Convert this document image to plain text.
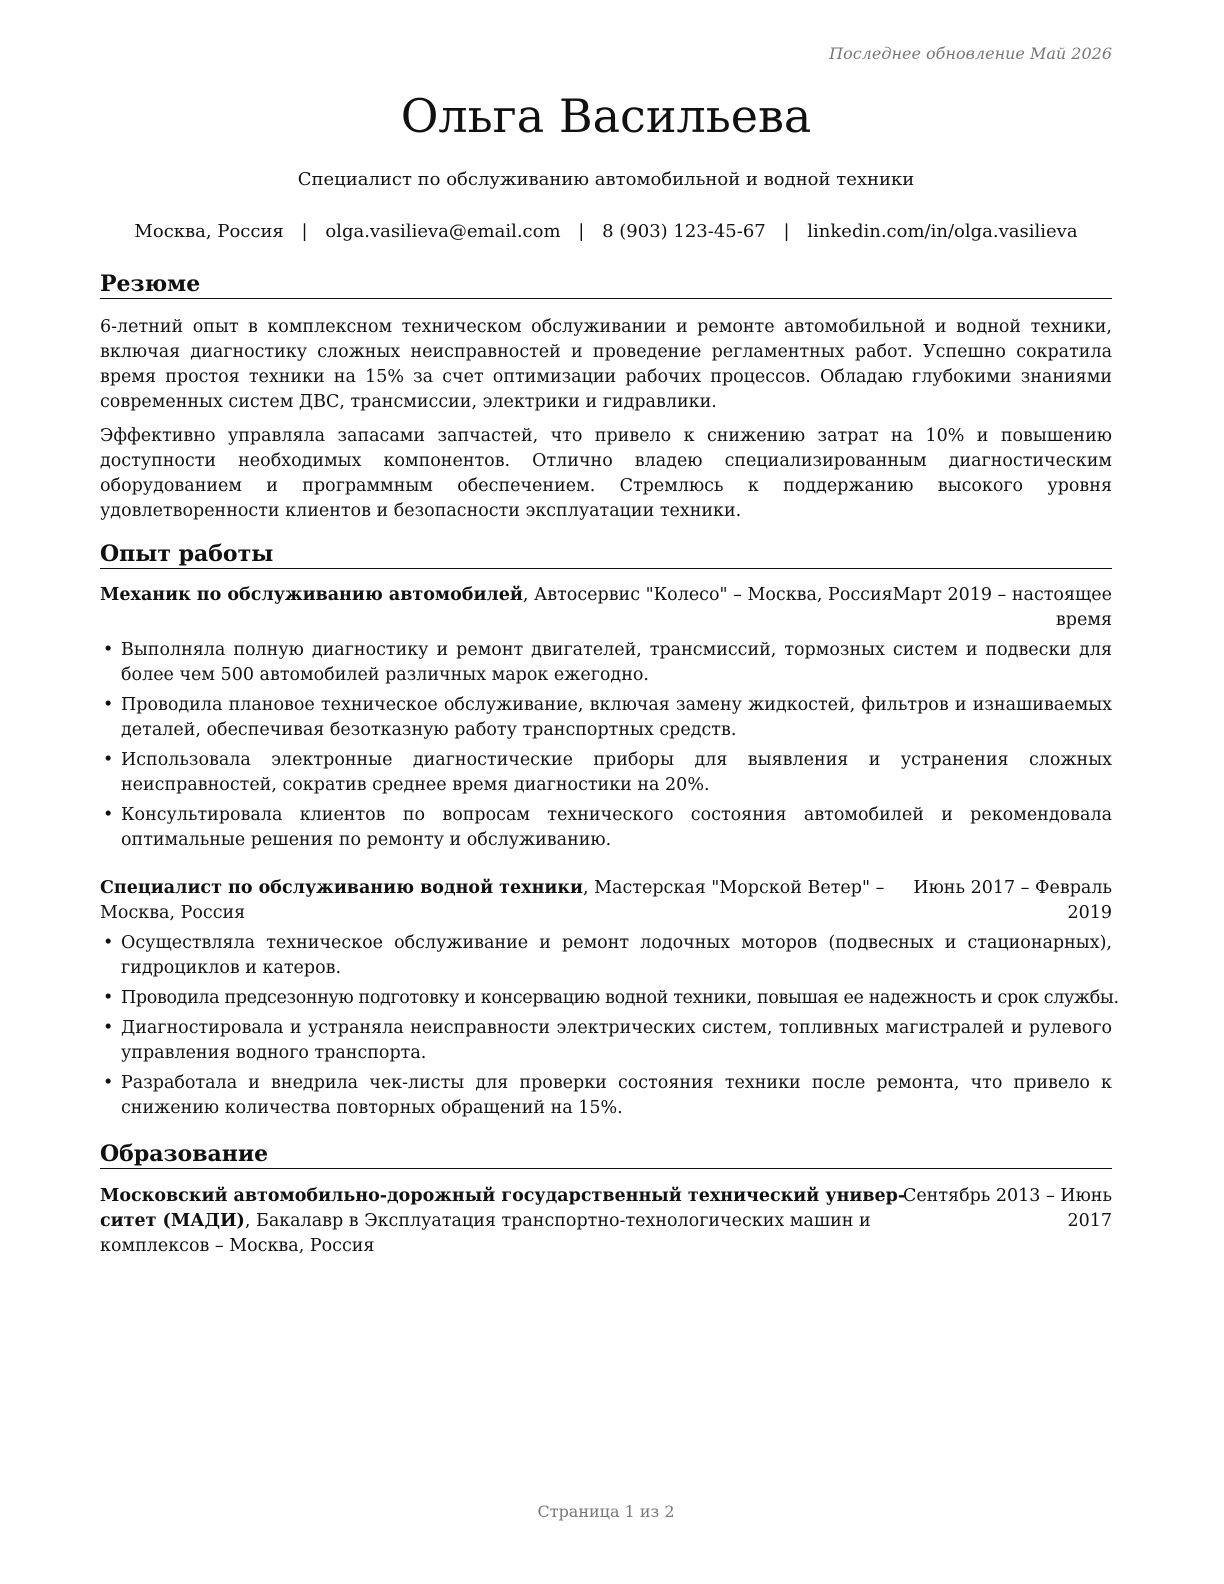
Последнее обновление Май 2026
Ольга Васильева
Специалист по обслуживанию автомобильной и водной техники
Москва, Россия | olga.vasilieva@email.com | 8 (903) 123-45-67 | linkedin.com/in/olga.vasilieva
Резюме

6-летний опыт в комплексном техническом обслуживании и ремонте автомобильной и водной техники, включая диагностику сложных неисправностей и проведение регламентных работ. Успешно сократила время простоя техники на 15% за счет оптимизации рабочих процессов. Обладаю глубокими знаниями современных систем ДВС, трансмиссии, электрики и гидравлики.

Эффективно управляла запасами запчастей, что привело к снижению затрат на 10% и повышению доступности необходимых компонентов. Отлично владею специализированным диагностическим оборудованием и программным обеспечением. Стремлюсь к поддержанию высокого уровня удовлетворенности клиентов и безопасности эксплуатации техники.

Опыт работы
Механик по обслуживанию автомобилей, Автосервис "Колесо" – Москва, Россия Март 2019 – настоящее
время
• Выполняла полную диагностику и ремонт двигателей, трансмиссий, тормозных систем и подвески для более чем 500 автомобилей различных марок ежегодно.
• Проводила плановое техническое обслуживание, включая замену жидкостей, фильтров и изнашиваемых деталей, обеспечивая безотказную работу транспортных средств.
• Использовала электронные диагностические приборы для выявления и устранения сложных неисправностей, сократив среднее время диагностики на 20%.
• Консультировала клиентов по вопросам технического состояния автомобилей и рекомендовала оптимальные решения по ремонту и обслуживанию.
Специалист по обслуживанию водной техники, Мастерская "Морской Ветер" –
Москва, Россия
Июнь 2017 – Февраль
2019
• Осуществляла техническое обслуживание и ремонт лодочных моторов (подвесных и стационарных), гидроциклов и катеров.
• Проводила предсезонную подготовку и консервацию водной техники, повышая ее надежность и срок службы.
• Диагностировала и устраняла неисправности электрических систем, топливных магистралей и рулевого управления водного транспорта.
• Разработала и внедрила чек-листы для проверки состояния техники после ремонта, что привело к снижению количества повторных обращений на 15%.
Образование
Московский автомобильно-дорожный государственный технический универ-
ситет (МАДИ), Бакалавр в Эксплуатация транспортно-технологических машин и
комплексов – Москва, Россия
Сентябрь 2013 – Июнь
2017
Страница 1 из 2
